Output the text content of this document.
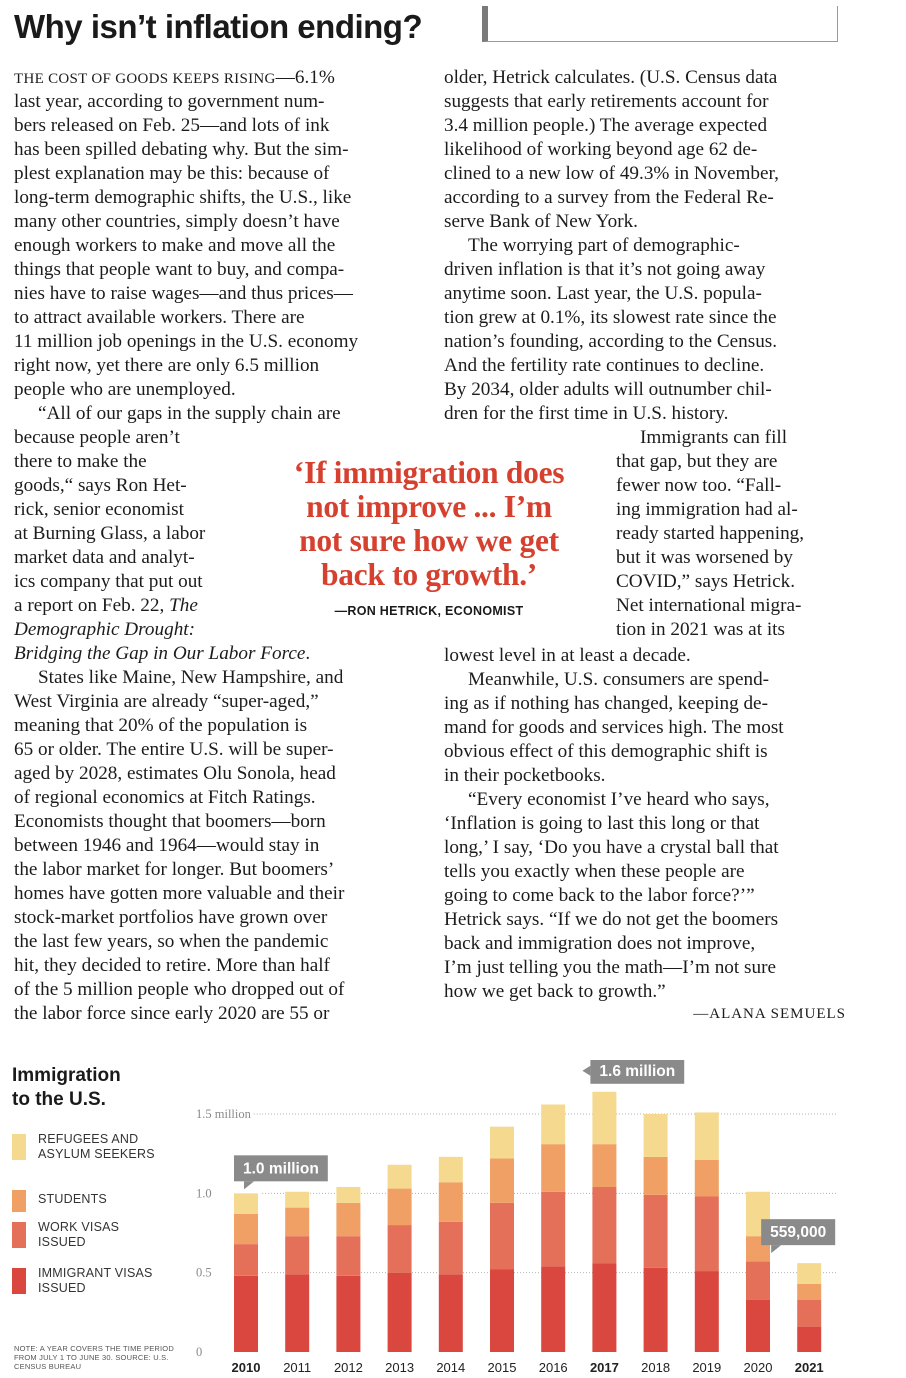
Why isn’t inflation ending?
THE COST OF GOODS KEEPS RISING—6.1%
last year, according to government num-
bers released on Feb. 25—and lots of ink
has been spilled debating why. But the sim-
plest explanation may be this: because of
long-term demographic shifts, the U.S., like
many other countries, simply doesn’t have
enough workers to make and move all the
things that people want to buy, and compa-
nies have to raise wages—and thus prices—
to attract available workers. There are
11 million job openings in the U.S. economy
right now, yet there are only 6.5 million
people who are unemployed.
“All of our gaps in the supply chain are
because people aren’t
there to make the
goods,“ says Ron Het-
rick, senior economist
at Burning Glass, a labor
market data and analyt-
ics company that put out
a report on Feb. 22, The
Demographic Drought:
Bridging the Gap in Our Labor Force.
States like Maine, New Hampshire, and
West Virginia are already “super-aged,”
meaning that 20% of the population is
65 or older. The entire U.S. will be super-
aged by 2028, estimates Olu Sonola, head
of regional economics at Fitch Ratings.
Economists thought that boomers—born
between 1946 and 1964—would stay in
the labor market for longer. But boomers’
homes have gotten more valuable and their
stock-market portfolios have grown over
the last few years, so when the pandemic
hit, they decided to retire. More than half
of the 5 million people who dropped out of
the labor force since early 2020 are 55 or
older, Hetrick calculates. (U.S. Census data
suggests that early retirements account for
3.4 million people.) The average expected
likelihood of working beyond age 62 de-
clined to a new low of 49.3% in November,
according to a survey from the Federal Re-
serve Bank of New York.
The worrying part of demographic-
driven inflation is that it’s not going away
anytime soon. Last year, the U.S. popula-
tion grew at 0.1%, its slowest rate since the
nation’s founding, according to the Census.
And the fertility rate continues to decline.
By 2034, older adults will outnumber chil-
dren for the first time in U.S. history.
Immigrants can fill
that gap, but they are
fewer now too. “Fall-
ing immigration had al-
ready started happening,
but it was worsened by
COVID,” says Hetrick.
Net international migra-
tion in 2021 was at its
lowest level in at least a decade.
Meanwhile, U.S. consumers are spend-
ing as if nothing has changed, keeping de-
mand for goods and services high. The most
obvious effect of this demographic shift is
in their pocketbooks.
“Every economist I’ve heard who says,
‘Inflation is going to last this long or that
long,’ I say, ‘Do you have a crystal ball that
tells you exactly when these people are
going to come back to the labor force?’”
Hetrick says. “If we do not get the boomers
back and immigration does not improve,
I’m just telling you the math—I’m not sure
how we get back to growth.”
‘If immigration does
not improve ... I’m
not sure how we get
back to growth.’
—RON HETRICK, ECONOMIST
—ALANA SEMUELS
Immigration
to the U.S.
REFUGEES AND ASYLUM SEEKERS
STUDENTS
WORK VISAS ISSUED
IMMIGRANT VISAS ISSUED
NOTE: A YEAR COVERS THE TIME PERIOD FROM JULY 1 TO JUNE 30. SOURCE: U.S. CENSUS BUREAU
0
0.5
1.0
1.5 million
2010 2011 2012 2013 2014 2015 2016 2017 2018 2019 2020 2021
1.0 million
1.6 million
559,000
